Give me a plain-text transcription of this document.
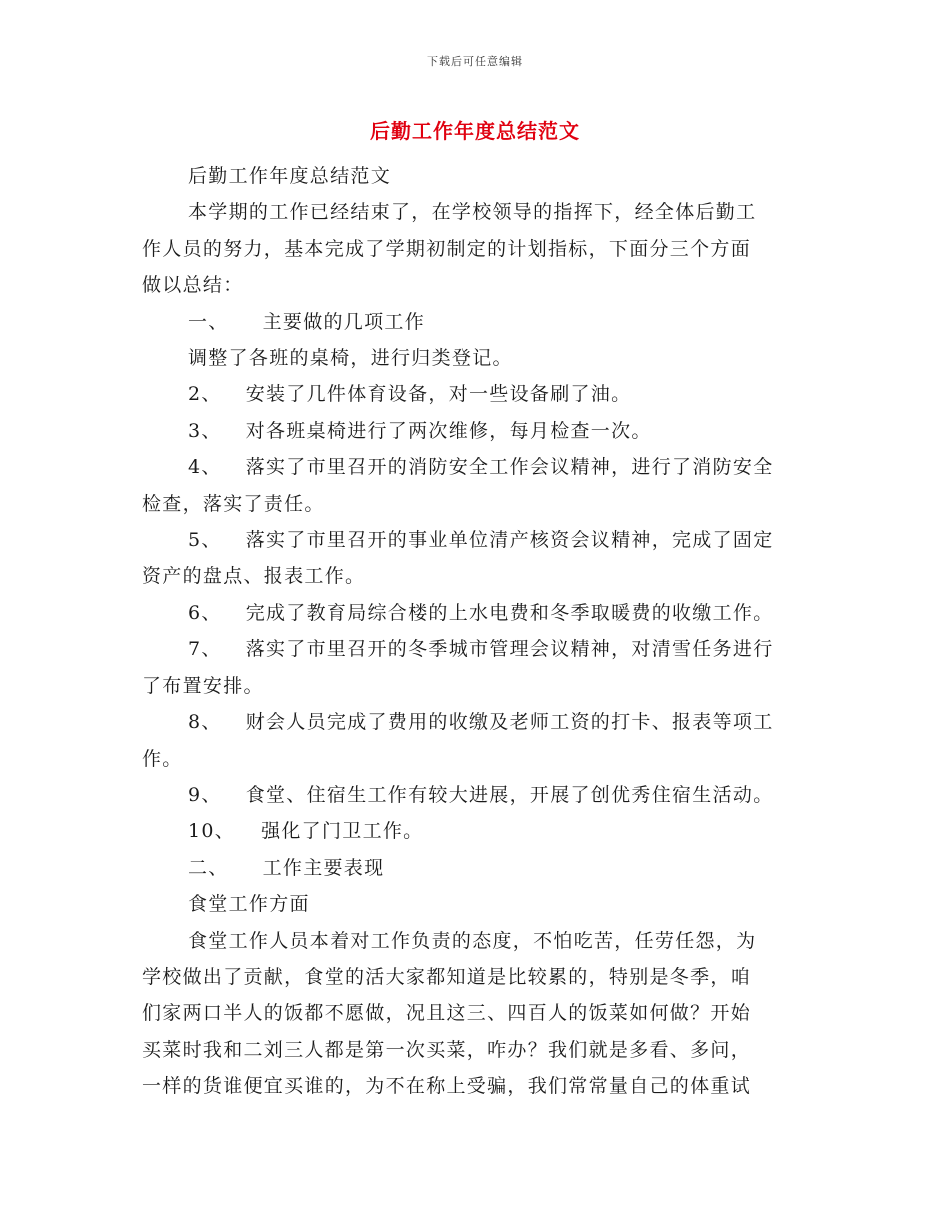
下载后可任意编辑
后勤工作年度总结范文

后勤工作年度总结范文

本学期的工作已经结束了，在学校领导的指挥下，经全体后勤工

作人员的努力，基本完成了学期初制定的计划指标，下面分三个方面

做以总结：

一、 主要做的几项工作

调整了各班的桌椅，进行归类登记。

2、 安装了几件体育设备，对一些设备刷了油。

3、 对各班桌椅进行了两次维修，每月检查一次。

4、 落实了市里召开的消防安全工作会议精神，进行了消防安全

检查，落实了责任。

5、 落实了市里召开的事业单位清产核资会议精神，完成了固定

资产的盘点、报表工作。

6、 完成了教育局综合楼的上水电费和冬季取暖费的收缴工作。

7、 落实了市里召开的冬季城市管理会议精神，对清雪任务进行

了布置安排。

8、 财会人员完成了费用的收缴及老师工资的打卡、报表等项工

作。

9、 食堂、住宿生工作有较大进展，开展了创优秀住宿生活动。

10、 强化了门卫工作。

二、 工作主要表现

食堂工作方面

食堂工作人员本着对工作负责的态度，不怕吃苦，任劳任怨，为

学校做出了贡献，食堂的活大家都知道是比较累的，特别是冬季，咱

们家两口半人的饭都不愿做，况且这三、四百人的饭菜如何做？开始

买菜时我和二刘三人都是第一次买菜，咋办？我们就是多看、多问，

一样的货谁便宜买谁的，为不在称上受骗，我们常常量自己的体重试
